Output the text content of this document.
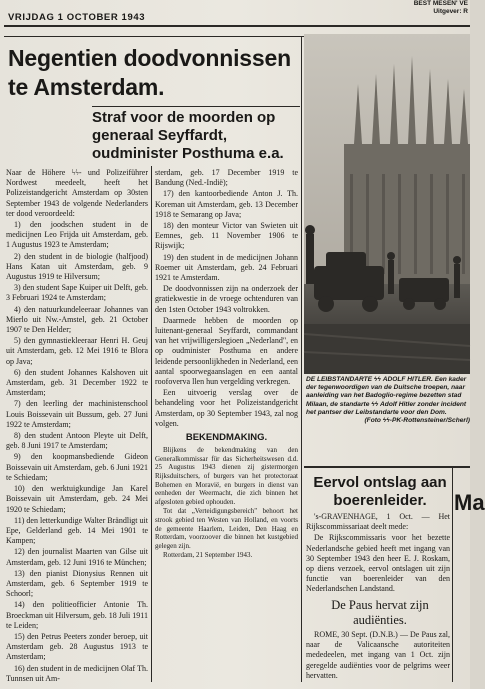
VRIJDAG 1 OCTOBER 1943
BEST MESEN' VE
Uitgever: R
Negentien doodvonnissen
te Amsterdam.
Straf voor de moorden op generaal Seyffardt, oudminister Posthuma e.a.

Naar de Höhere ϟϟ- und Polizeiführer Nordwest meedeelt, heeft het Polizeistandgericht Amsterdam op 30sten September 1943 de volgende Nederlanders ter dood veroordeeld:

1) den joodschen student in de medicijnen Leo Frijda uit Amsterdam, geb. 1 Augustus 1923 te Amsterdam;

2) den student in de biologie (halfjood) Hans Katan uit Amsterdam, geb. 9 Augustus 1919 te Hilversum;

3) den student Sape Kuiper uit Delft, geb. 3 Februari 1924 te Amsterdam;

4) den natuurkundeleeraar Johannes van Mierlo uit Nw.-Amstel, geb. 21 October 1907 te Den Helder;

5) den gymnastiekleeraar Henri H. Geuj uit Amsterdam, geb. 12 Mei 1916 te Blora op Java;

6) den student Johannes Kalshoven uit Amsterdam, geb. 31 December 1922 te Amsterdam;

7) den leerling der machinistenschool Louis Boissevain uit Bussum, geb. 27 Juni 1922 te Amsterdam;

8) den student Antoon Pleyte uit Delft, geb. 8 Juni 1917 te Amsterdam;

9) den koopmansbediende Gideon Boissevain uit Amsterdam, geb. 6 Juni 1921 te Schiedam;

10) den werktuigkundige Jan Karel Boissevain uit Amsterdam, geb. 24 Mei 1920 te Schiedam;

11) den letterkundige Walter Brändligt uit Epe, Gelderland geb. 14 Mei 1901 te Kampen;

12) den journalist Maarten van Gilse uit Amsterdam, geb. 12 Juni 1916 te München;

13) den pianist Dionysius Rennen uit Amsterdam, geb. 6 September 1919 te Schoorl;

14) den politieofficier Antonie Th. Broeckman uit Hilversum, geb. 18 Juli 1911 te Leiden;

15) den Petrus Peeters zonder beroep, uit Amsterdam geb. 28 Augustus 1913 te Amsterdam;

16) den student in de medicijnen Olaf Th. Tunnsen uit Am-

sterdam, geb. 17 December 1919 te Bandung (Ned.-Indië);

17) den kantoorbediende Anton J. Th. Koreman uit Amsterdam, geb. 13 December 1918 te Semarang op Java;

18) den monteur Victor van Swieten uit Eemnes, geb. 11 November 1906 te Rijswijk;

19) den student in de medicijnen Johann Roemer uit Amsterdam, geb. 24 Februari 1921 te Amsterdam.

De doodvonnissen zijn na onderzoek der gratiekwestie in de vroege ochtenduren van den 1sten October 1943 voltrokken.

Daarmede hebben de moorden op luitenant-generaal Seyffardt, commandant van het vrijwilligerslegioen „Nederland", en op oudminister Posthuma en andere leidende persoonlijkheden in Nederland, een aantal spoorwegaanslagen en een aantal roofoverva llen hun vergelding verkregen.

Een uitvoerig verslag over de behandeling voor het Polizeistandgericht Amsterdam, op 30 September 1943, zal nog volgen.

BEKENDMAKING.

Blijkens de bekendmaking van den Generalkommissar für das Sicherheitswesen d.d. 25 Augustus 1943 dienen zij gistermorgen Rijksduitschers, of burgers van het protectoraat Bohemen en Moravië, en burgers in dienst van eenheden der Weermacht, die zich binnen het afgesloten gebied ophouden.

Tot dat „Verteidigungsbereich" behoort het strook gebied ten Westen van Holland, en voorts de gemeente Haarlem, Leiden, Den Haag en Rotterdam, voorzoover die binnen het kustgebied gelegen zijn.

Rotterdam, 21 September 1943.

DE LEIBSTANDARTE ϟϟ ADOLF HITLER. Een kader der tegenwoordigen van de Duitsche troepen, naar aanleiding van het Badoglio-regime bezetten stad Milaan, de standarte ϟϟ Adolf Hitler zonder incident het pantser der Leibstandarte voor den Dom.
(Foto ϟϟ-PK-Rottensteiner/Scherl)
Eervol ontslag aan boerenleider.

's-GRAVENHAGE, 1 Oct. — Het Rijkscommissariaat deelt mede:

De Rijkscommissaris voor het bezette Nederlandsche gebied heeft met ingang van 30 September 1943 den heer E. J. Roskam, op diens verzoek, eervol ontslagen uit zijn functie van boerenleider van den Nederlandschen Landstand.

De Paus hervat zijn audiënties.

ROME, 30 Sept. (D.N.B.) — De Paus zal, naar de Valicaansche autoriteiten mededeelen, met ingang van 1 Oct. zijn geregelde audiënties voor de pelgrims weer hervatten.

Ma
